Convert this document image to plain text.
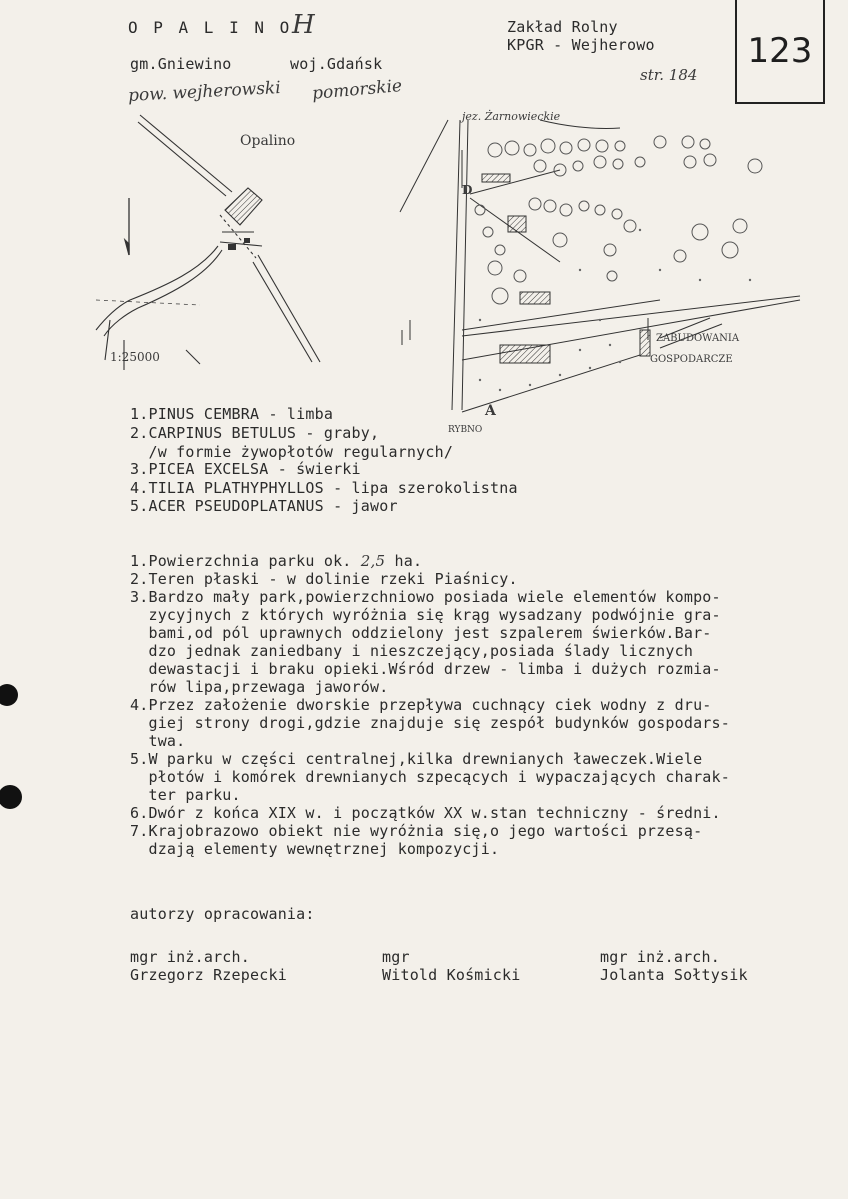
O P A L I N O H
gm.Gniewino	woj.Gdańsk
pow. wejherowski pomorskie
Zakład Rolny
KPGR - Wejherowo
str. 184
123
Opalino
1:25000
jez. Żarnowieckie
D
A
RYBNO
ZABUDOWANIA
GOSPODARCZE
1.PINUS CEMBRA - limba
2.CARPINUS BETULUS - graby,
/w formie żywopłotów regularnych/
3.PICEA EXCELSA - świerki
4.TILIA PLATHYPHYLLOS - lipa szerokolistna
5.ACER PSEUDOPLATANUS - jawor
1.Powierzchnia parku ok. 2,5 ha.
2.Teren płaski - w dolinie rzeki Piaśnicy.
3.Bardzo mały park,powierzchniowo posiada wiele elementów kompo-
zycyjnych z których wyróżnia się krąg wysadzany podwójnie gra-
bami,od pól uprawnych oddzielony jest szpalerem świerków.Bar-
dzo jednak zaniedbany i nieszczejący,posiada ślady licznych
dewastacji i braku opieki.Wśród drzew - limba i dużych rozmia-
rów lipa,przewaga jaworów.
4.Przez założenie dworskie przepływa cuchnący ciek wodny z dru-
giej strony drogi,gdzie znajduje się zespół budynków gospodars-
twa.
5.W parku w części centralnej,kilka drewnianych ławeczek.Wiele
płotów i komórek drewnianych szpecących i wypaczających charak-
ter parku.
6.Dwór z końca XIX w. i początków XX w.stan techniczny - średni.
7.Krajobrazowo obiekt nie wyróżnia się,o jego wartości przesą-
dzają elementy wewnętrznej kompozycji.
autorzy opracowania:
mgr inż.arch.
Grzegorz Rzepecki
mgr
Witold Kośmicki
mgr inż.arch.
Jolanta Sołtysik
